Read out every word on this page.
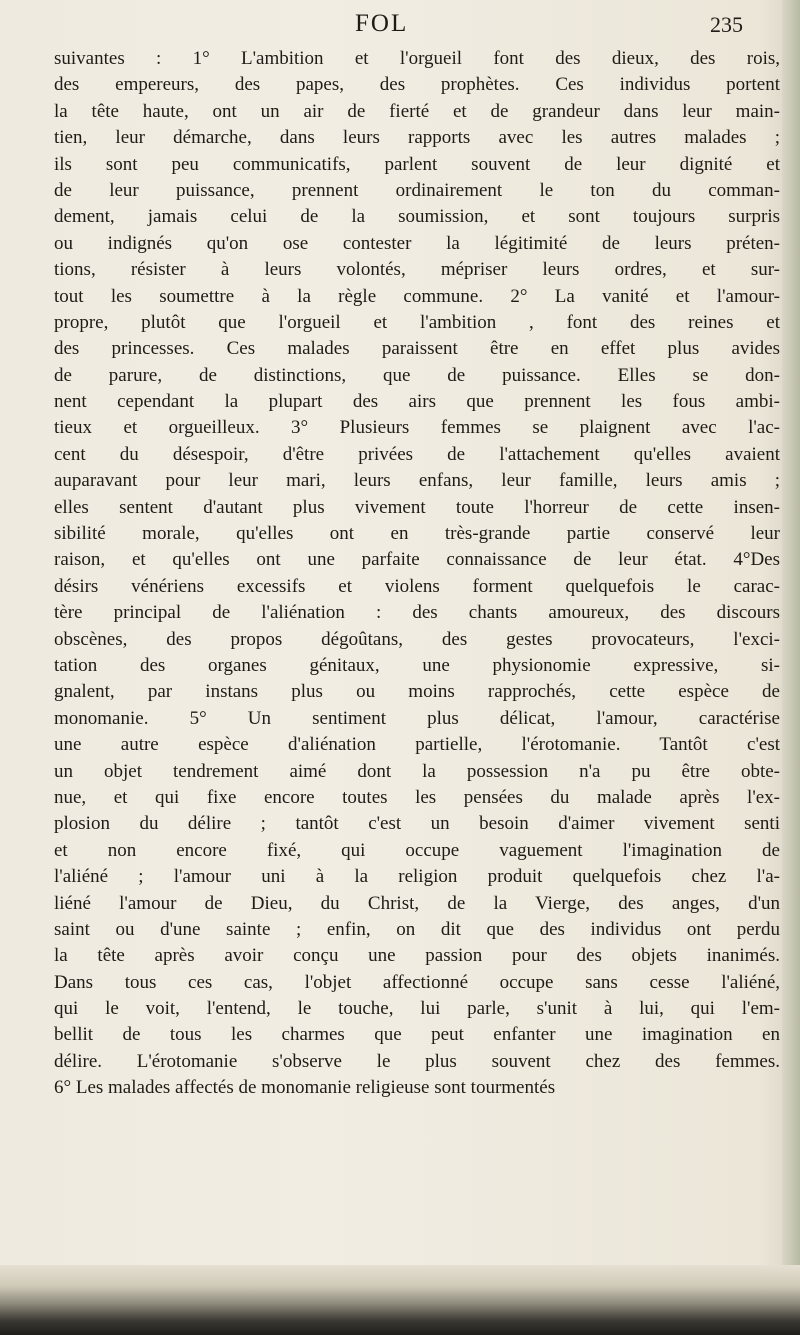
FOL	235
suivantes : 1° L'ambition et l'orgueil font des dieux, des rois,
des empereurs, des papes, des prophètes. Ces individus portent
la tête haute, ont un air de fierté et de grandeur dans leur main-
tien, leur démarche, dans leurs rapports avec les autres malades ;
ils sont peu communicatifs, parlent souvent de leur dignité et
de leur puissance, prennent ordinairement le ton du comman-
dement, jamais celui de la soumission, et sont toujours surpris
ou indignés qu'on ose contester la légitimité de leurs préten-
tions, résister à leurs volontés, mépriser leurs ordres, et sur-
tout les soumettre à la règle commune. 2° La vanité et l'amour-
propre, plutôt que l'orgueil et l'ambition , font des reines et
des princesses. Ces malades paraissent être en effet plus avides
de parure, de distinctions, que de puissance. Elles se don-
nent cependant la plupart des airs que prennent les fous ambi-
tieux et orgueilleux. 3° Plusieurs femmes se plaignent avec l'ac-
cent du désespoir, d'être privées de l'attachement qu'elles avaient
auparavant pour leur mari, leurs enfans, leur famille, leurs amis ;
elles sentent d'autant plus vivement toute l'horreur de cette insen-
sibilité morale, qu'elles ont en très-grande partie conservé leur
raison, et qu'elles ont une parfaite connaissance de leur état. 4°Des
désirs vénériens excessifs et violens forment quelquefois le carac-
tère principal de l'aliénation : des chants amoureux, des discours
obscènes, des propos dégoûtans, des gestes provocateurs, l'exci-
tation des organes génitaux, une physionomie expressive, si-
gnalent, par instans plus ou moins rapprochés, cette espèce de
monomanie. 5° Un sentiment plus délicat, l'amour, caractérise
une autre espèce d'aliénation partielle, l'érotomanie. Tantôt c'est
un objet tendrement aimé dont la possession n'a pu être obte-
nue, et qui fixe encore toutes les pensées du malade après l'ex-
plosion du délire ; tantôt c'est un besoin d'aimer vivement senti
et non encore fixé, qui occupe vaguement l'imagination de
l'aliéné ; l'amour uni à la religion produit quelquefois chez l'a-
liéné l'amour de Dieu, du Christ, de la Vierge, des anges, d'un
saint ou d'une sainte ; enfin, on dit que des individus ont perdu
la tête après avoir conçu une passion pour des objets inanimés.
Dans tous ces cas, l'objet affectionné occupe sans cesse l'aliéné,
qui le voit, l'entend, le touche, lui parle, s'unit à lui, qui l'em-
bellit de tous les charmes que peut enfanter une imagination en
délire. L'érotomanie s'observe le plus souvent chez des femmes.
6° Les malades affectés de monomanie religieuse sont tourmentés
